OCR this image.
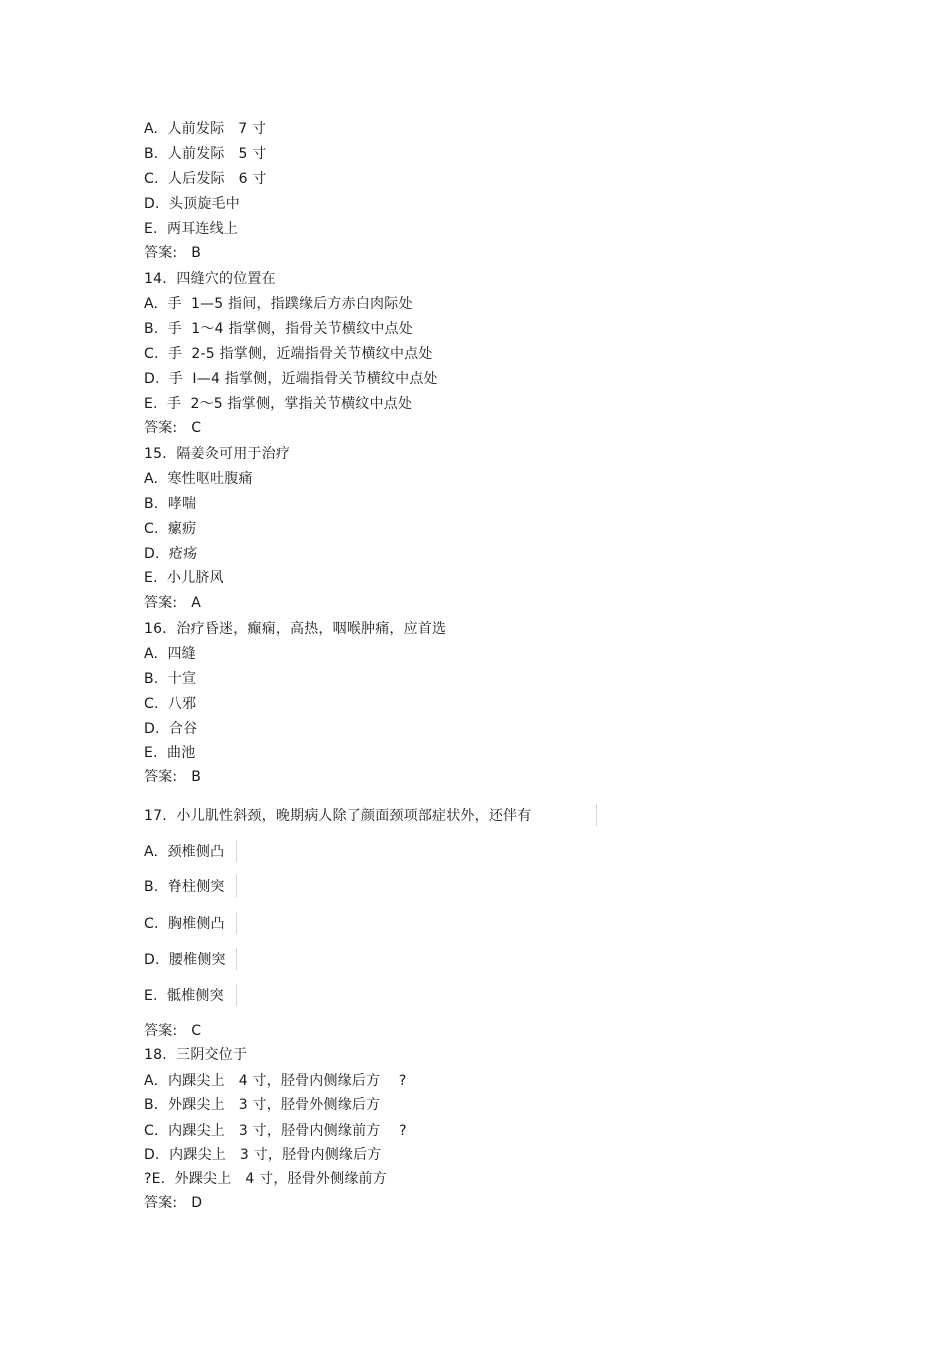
A.  人前发际   7 寸
B.  人前发际   5 寸
C.  人后发际   6 寸
D.  头顶旋毛中
E.  两耳连线上
答案:   B
14．四缝穴的位置在
A.  手  1—5 指间，指蹼缘后方赤白肉际处
B.  手  1～4 指掌侧，指骨关节横纹中点处
C.  手  2-5 指掌侧，近端指骨关节横纹中点处
D.  手  I—4 指掌侧，近端指骨关节横纹中点处
E.  手  2～5 指掌侧，掌指关节横纹中点处
答案:   C
15．隔姜灸可用于治疗
A.  寒性呕吐腹痛
B.  哮喘
C.  瘰疬
D.  疮疡
E.  小儿脐风
答案:   A
16．治疗昏迷，癫痫，高热，咽喉肿痛，应首选
A.  四缝
B.  十宣
C.  八邪
D.  合谷
E.  曲池
答案:   B
17．小儿肌性斜颈，晚期病人除了颜面颈项部症状外，还伴有
A.  颈椎侧凸
B.  脊柱侧突
C.  胸椎侧凸
D.  腰椎侧突
E.  骶椎侧突
答案:   C
18.  三阴交位于
A．内踝尖上   4 寸，胫骨内侧缘后方    ?
B．外踝尖上   3 寸，胫骨外侧缘后方
C．内踝尖上   3 寸，胫骨内侧缘前方    ?
D．内踝尖上   3 寸，胫骨内侧缘后方
?E.  外踝尖上   4 寸，胫骨外侧缘前方
答案:   D
